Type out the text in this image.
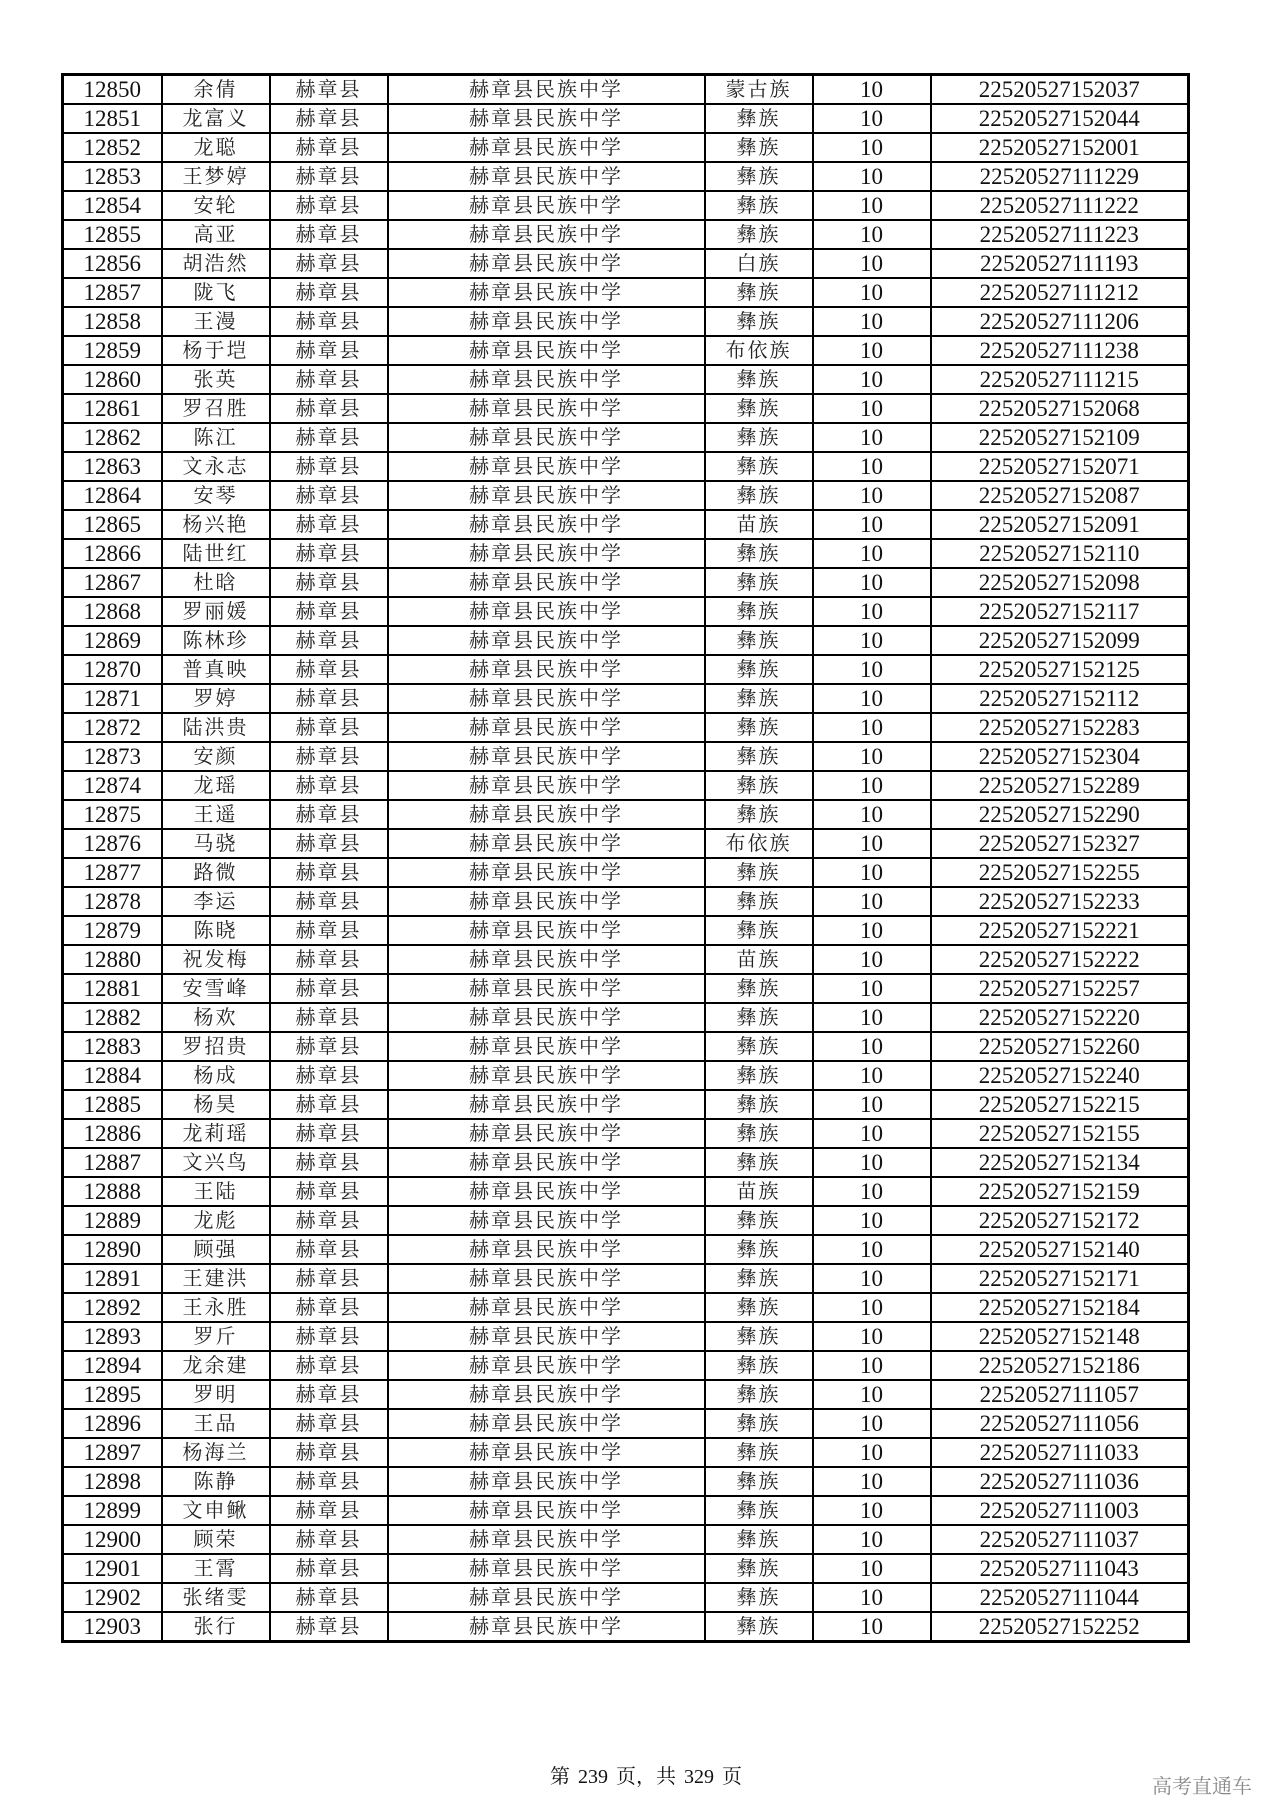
12850	余倩	赫章县	赫章县民族中学	蒙古族	10	22520527152037
12851	龙富义	赫章县	赫章县民族中学	彝族	10	22520527152044
12852	龙聪	赫章县	赫章县民族中学	彝族	10	22520527152001
12853	王梦婷	赫章县	赫章县民族中学	彝族	10	22520527111229
12854	安轮	赫章县	赫章县民族中学	彝族	10	22520527111222
12855	高亚	赫章县	赫章县民族中学	彝族	10	22520527111223
12856	胡浩然	赫章县	赫章县民族中学	白族	10	22520527111193
12857	陇飞	赫章县	赫章县民族中学	彝族	10	22520527111212
12858	王漫	赫章县	赫章县民族中学	彝族	10	22520527111206
12859	杨于垲	赫章县	赫章县民族中学	布依族	10	22520527111238
12860	张英	赫章县	赫章县民族中学	彝族	10	22520527111215
12861	罗召胜	赫章县	赫章县民族中学	彝族	10	22520527152068
12862	陈江	赫章县	赫章县民族中学	彝族	10	22520527152109
12863	文永志	赫章县	赫章县民族中学	彝族	10	22520527152071
12864	安琴	赫章县	赫章县民族中学	彝族	10	22520527152087
12865	杨兴艳	赫章县	赫章县民族中学	苗族	10	22520527152091
12866	陆世红	赫章县	赫章县民族中学	彝族	10	22520527152110
12867	杜晗	赫章县	赫章县民族中学	彝族	10	22520527152098
12868	罗丽媛	赫章县	赫章县民族中学	彝族	10	22520527152117
12869	陈林珍	赫章县	赫章县民族中学	彝族	10	22520527152099
12870	普真映	赫章县	赫章县民族中学	彝族	10	22520527152125
12871	罗婷	赫章县	赫章县民族中学	彝族	10	22520527152112
12872	陆洪贵	赫章县	赫章县民族中学	彝族	10	22520527152283
12873	安颜	赫章县	赫章县民族中学	彝族	10	22520527152304
12874	龙瑶	赫章县	赫章县民族中学	彝族	10	22520527152289
12875	王遥	赫章县	赫章县民族中学	彝族	10	22520527152290
12876	马骁	赫章县	赫章县民族中学	布依族	10	22520527152327
12877	路微	赫章县	赫章县民族中学	彝族	10	22520527152255
12878	李运	赫章县	赫章县民族中学	彝族	10	22520527152233
12879	陈晓	赫章县	赫章县民族中学	彝族	10	22520527152221
12880	祝发梅	赫章县	赫章县民族中学	苗族	10	22520527152222
12881	安雪峰	赫章县	赫章县民族中学	彝族	10	22520527152257
12882	杨欢	赫章县	赫章县民族中学	彝族	10	22520527152220
12883	罗招贵	赫章县	赫章县民族中学	彝族	10	22520527152260
12884	杨成	赫章县	赫章县民族中学	彝族	10	22520527152240
12885	杨昊	赫章县	赫章县民族中学	彝族	10	22520527152215
12886	龙莉瑶	赫章县	赫章县民族中学	彝族	10	22520527152155
12887	文兴鸟	赫章县	赫章县民族中学	彝族	10	22520527152134
12888	王陆	赫章县	赫章县民族中学	苗族	10	22520527152159
12889	龙彪	赫章县	赫章县民族中学	彝族	10	22520527152172
12890	顾强	赫章县	赫章县民族中学	彝族	10	22520527152140
12891	王建洪	赫章县	赫章县民族中学	彝族	10	22520527152171
12892	王永胜	赫章县	赫章县民族中学	彝族	10	22520527152184
12893	罗斤	赫章县	赫章县民族中学	彝族	10	22520527152148
12894	龙余建	赫章县	赫章县民族中学	彝族	10	22520527152186
12895	罗明	赫章县	赫章县民族中学	彝族	10	22520527111057
12896	王品	赫章县	赫章县民族中学	彝族	10	22520527111056
12897	杨海兰	赫章县	赫章县民族中学	彝族	10	22520527111033
12898	陈静	赫章县	赫章县民族中学	彝族	10	22520527111036
12899	文申鳅	赫章县	赫章县民族中学	彝族	10	22520527111003
12900	顾荣	赫章县	赫章县民族中学	彝族	10	22520527111037
12901	王霄	赫章县	赫章县民族中学	彝族	10	22520527111043
12902	张绪雯	赫章县	赫章县民族中学	彝族	10	22520527111044
12903	张行	赫章县	赫章县民族中学	彝族	10	22520527152252
第 239 页，共 329 页	高考直通车
